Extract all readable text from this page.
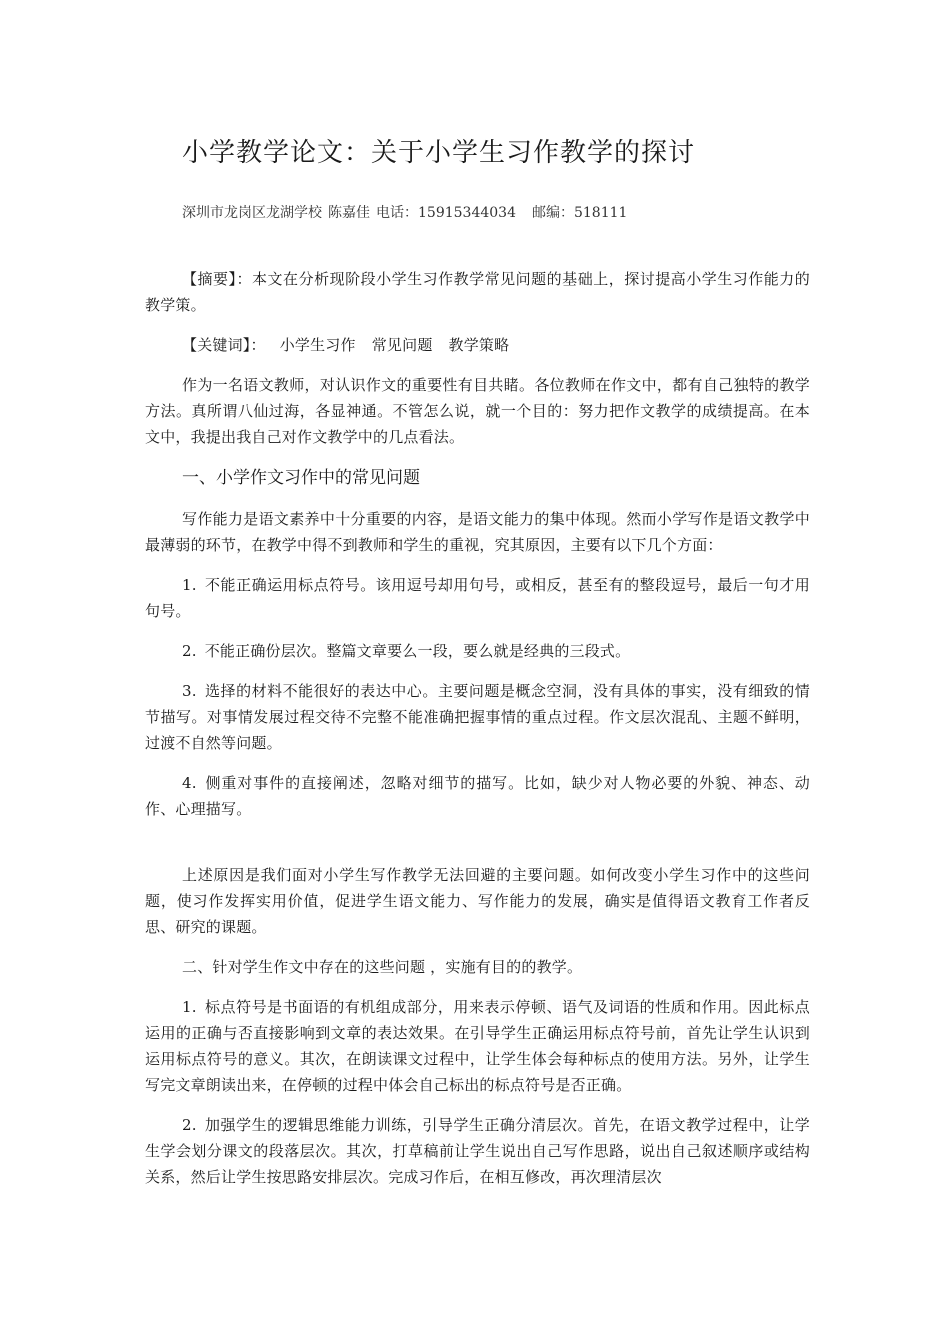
小学教学论文：关于小学生习作教学的探讨

深圳市龙岗区龙湖学校 陈嘉佳 电话：15915344034 邮编：518111

【摘要】：本文在分析现阶段小学生习作教学常见问题的基础上，探讨提高小学生习作能力的教学策。

【关键词】： 小学生习作 常见问题 教学策略

作为一名语文教师，对认识作文的重要性有目共睹。各位教师在作文中，都有自己独特的教学方法。真所谓八仙过海，各显神通。不管怎么说，就一个目的：努力把作文教学的成绩提高。在本文中，我提出我自己对作文教学中的几点看法。

一、小学作文习作中的常见问题

写作能力是语文素养中十分重要的内容，是语文能力的集中体现。然而小学写作是语文教学中最薄弱的环节，在教学中得不到教师和学生的重视，究其原因，主要有以下几个方面：

1. 不能正确运用标点符号。该用逗号却用句号，或相反，甚至有的整段逗号，最后一句才用句号。

2. 不能正确份层次。整篇文章要么一段，要么就是经典的三段式。

3. 选择的材料不能很好的表达中心。主要问题是概念空洞，没有具体的事实，没有细致的情节描写。对事情发展过程交待不完整不能准确把握事情的重点过程。作文层次混乱、主题不鲜明，过渡不自然等问题。

4. 侧重对事件的直接阐述，忽略对细节的描写。比如，缺少对人物必要的外貌、神态、动作、心理描写。

上述原因是我们面对小学生写作教学无法回避的主要问题。如何改变小学生习作中的这些问题，使习作发挥实用价值，促进学生语文能力、写作能力的发展，确实是值得语文教育工作者反思、研究的课题。

二、针对学生作文中存在的这些问题 ，实施有目的的教学。

1. 标点符号是书面语的有机组成部分，用来表示停顿、语气及词语的性质和作用。因此标点运用的正确与否直接影响到文章的表达效果。在引导学生正确运用标点符号前，首先让学生认识到运用标点符号的意义。其次，在朗读课文过程中，让学生体会每种标点的使用方法。另外，让学生写完文章朗读出来，在停顿的过程中体会自己标出的标点符号是否正确。

2. 加强学生的逻辑思维能力训练，引导学生正确分清层次。首先，在语文教学过程中，让学生学会划分课文的段落层次。其次，打草稿前让学生说出自己写作思路，说出自己叙述顺序或结构关系，然后让学生按思路安排层次。完成习作后，在相互修改，再次理清层次
